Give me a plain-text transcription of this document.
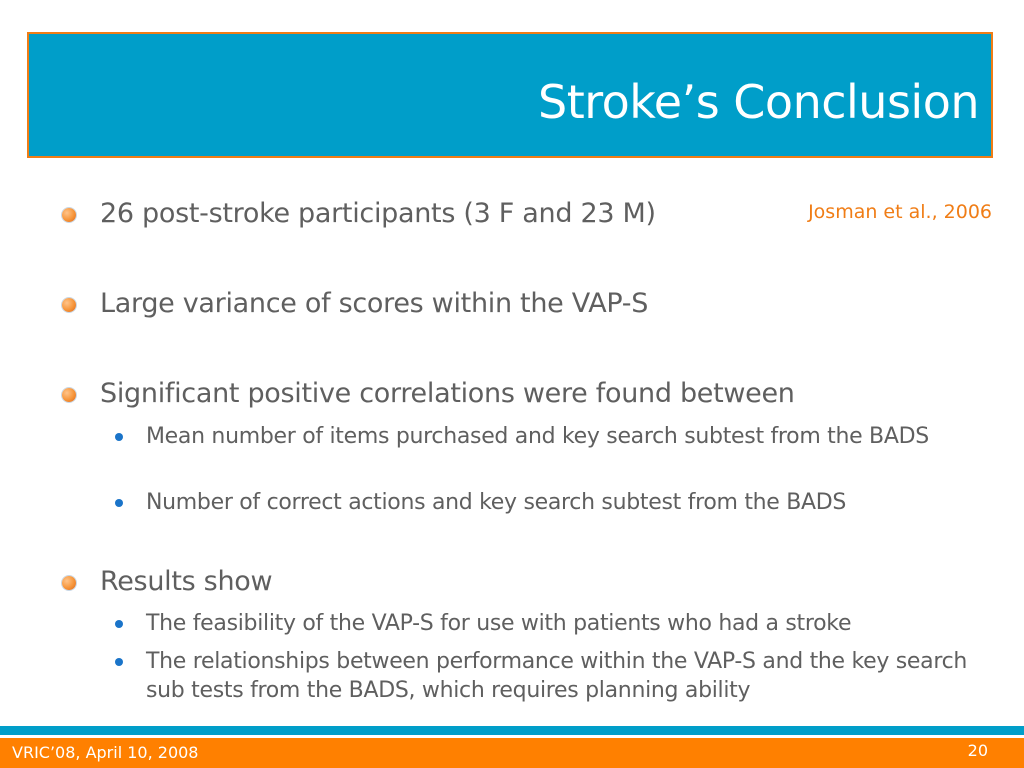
Stroke’s Conclusion
Josman et al., 2006
26 post-stroke participants (3 F and 23 M)
Large variance of scores within the VAP-S
Significant positive correlations were found between
Mean number of items purchased and key search subtest from the BADS
Number of correct actions and key search subtest from the BADS
Results show
The feasibility of the VAP-S for use with patients who had a stroke
The relationships between performance within the VAP-S and the key search sub tests from the BADS, which requires planning ability
VRIC’08, April 10, 2008	20
